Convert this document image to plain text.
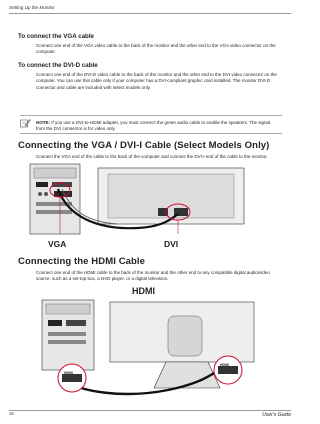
Setting Up the Monitor
To connect the VGA cable
Connect one end of the VGA video cable to the back of the monitor and the other end to the VGA video connector on the computer.
To connect the DVI-D cable
Connect one end of the DVI-D video cable to the back of the monitor and the other end to the DVI video connector on the computer. You can use this cable only if your computer has a DVI-compliant graphic card installed. The monitor DVI-D connector and cable are included with select models only.
NOTE: If you use a DVI-to-HDMI adapter, you must connect the green audio cable to enable the speakers. The signal from the DVI connector is for video only.
Connecting the VGA / DVI-I Cable (Select Models Only)
Connect the VGA end of the cable to the back of the computer and connect the DVI-I end of the cable to the monitor.
VGA	DVI
Connecting the HDMI Cable
Connect one end of the HDMI cable to the back of the monitor and the other end to any compatible digital audio/video source, such as a set-top box, a DVD player, or a digital television.
HDMI
HDMI
HDMI
16	User's Guide
